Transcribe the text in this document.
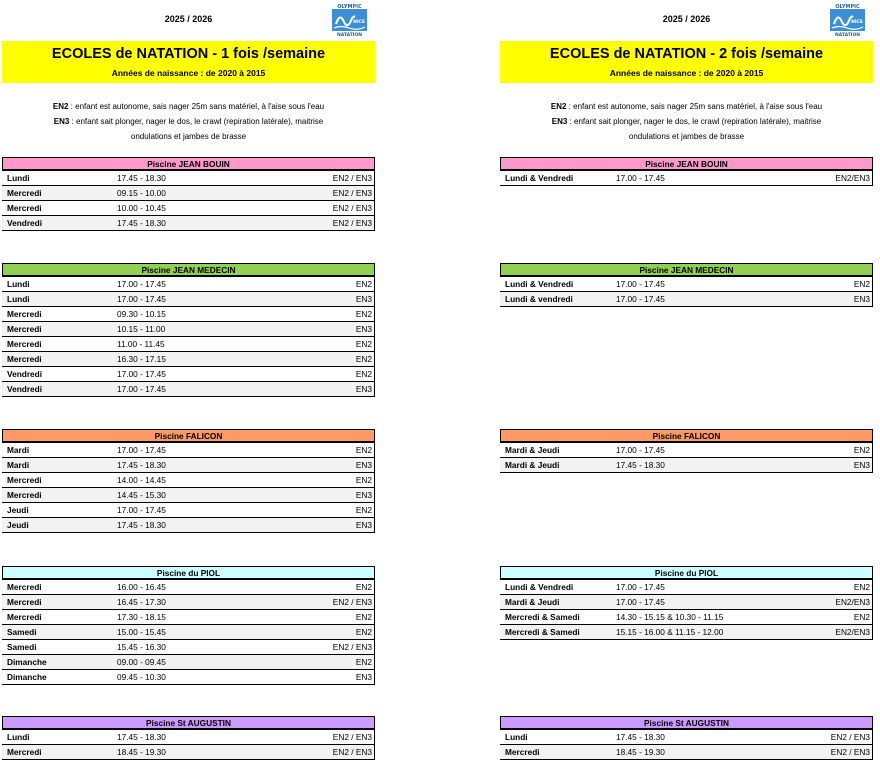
2025 / 2026
OLYMPIC
NICE
NATATION
ECOLES de NATATION - 1 fois /semaine
Années de naissance : de 2020 à 2015
EN2 : enfant est autonome, sais nager 25m sans matériel, à l'aise sous l'eau
EN3 : enfant sait plonger, nager le dos, le crawl (repiration latérale), maitrise
ondulations et jambes de brasse
Piscine JEAN BOUIN
Lundi	17.45 - 18.30	EN2 / EN3
Mercredi	09.15 - 10.00	EN2 / EN3
Mercredi	10.00 - 10.45	EN2 / EN3
Vendredi	17.45 - 18.30	EN2 / EN3
Piscine JEAN MEDECIN
Lundi	17.00 - 17.45	EN2
Lundi	17.00 - 17.45	EN3
Mercredi	09.30 - 10.15	EN2
Mercredi	10.15 - 11.00	EN3
Mercredi	11.00 - 11.45	EN2
Mercredi	16.30 - 17.15	EN2
Vendredi	17.00 - 17.45	EN2
Vendredi	17.00 - 17.45	EN3
Piscine FALICON
Mardi	17.00 - 17.45	EN2
Mardi	17.45 - 18.30	EN3
Mercredi	14.00 - 14.45	EN2
Mercredi	14.45 - 15.30	EN3
Jeudi	17.00 - 17.45	EN2
Jeudi	17.45 - 18.30	EN3
Piscine du PIOL
Mercredi	16.00 - 16.45	EN2
Mercredi	16.45 - 17.30	EN2 / EN3
Mercredi	17.30 - 18.15	EN2
Samedi	15.00 - 15.45	EN2
Samedi	15.45 - 16.30	EN2 / EN3
Dimanche	09.00 - 09.45	EN2
Dimanche	09.45 - 10.30	EN3
Piscine St AUGUSTIN
Lundi	17.45 - 18.30	EN2 / EN3
Mercredi	18.45 - 19.30	EN2 / EN3
2025 / 2026
OLYMPIC
NICE
NATATION
ECOLES de NATATION - 2 fois /semaine
Années de naissance : de 2020 à 2015
EN2 : enfant est autonome, sais nager 25m sans matériel, à l'aise sous l'eau
EN3 : enfant sait plonger, nager le dos, le crawl (repiration latérale), maitrise
ondulations et jambes de brasse
Piscine JEAN BOUIN
Lundi & Vendredi	17.00 - 17.45	EN2/EN3
Piscine JEAN MEDECIN
Lundi & Vendredi	17.00 - 17.45	EN2
Lundi & vendredi	17.00 - 17.45	EN3
Piscine FALICON
Mardi & Jeudi	17.00 - 17.45	EN2
Mardi & Jeudi	17.45 - 18.30	EN3
Piscine du PIOL
Lundi & Vendredi	17.00 - 17.45	EN2
Mardi & Jeudi	17.00 - 17.45	EN2/EN3
Mercredi & Samedi	14.30 - 15.15 & 10.30 - 11.15	EN2
Mercredi & Samedi	15.15 - 16.00 & 11.15 - 12.00	EN2/EN3
Piscine St AUGUSTIN
Lundi	17.45 - 18.30	EN2 / EN3
Mercredi	18.45 - 19.30	EN2 / EN3
